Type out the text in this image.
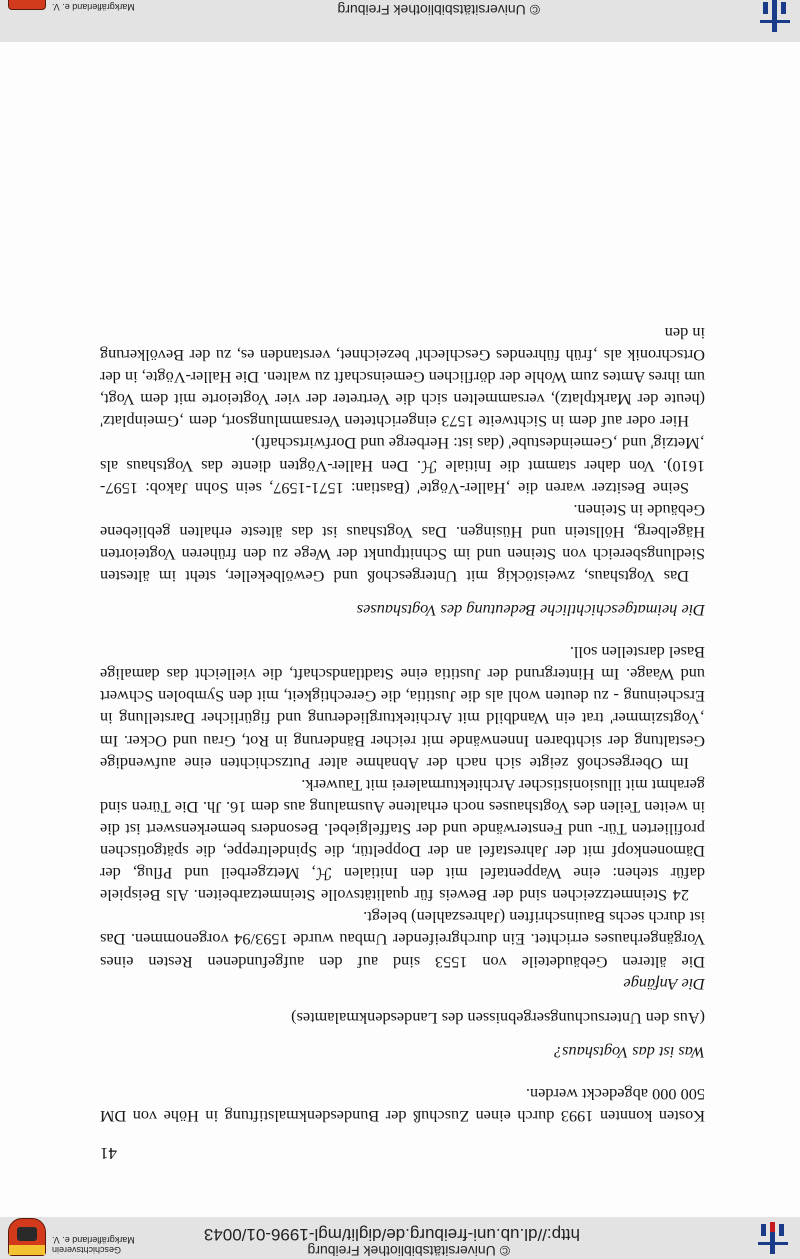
© Universitätsbibliothek Freiburg
http://dl.ub.uni-freiburg.de/diglit/mgl-1996-01/0043
Geschichtsverein
Markgräflerland e. V.
41
© Universitätsbibliothek Freiburg
Markgräflerland e. V.

Kosten konnten 1993 durch einen Zuschuß der Bundesdenkmalstiftung in Höhe von DM 500 000 abgedeckt werden.

Was ist das Vogtshaus?

(Aus den Untersuchungsergebnissen des Landesdenkmalamtes)

Die Anfänge

Die älteren Gebäudeteile von 1553 sind auf den aufgefundenen Resten eines Vorgängerhauses errichtet. Ein durchgreifender Umbau wurde 1593/94 vorgenommen. Das ist durch sechs Bauinschriften (Jahreszahlen) belegt.

24 Steinmetzzeichen sind der Beweis für qualitätsvolle Steinmetzarbeiten. Als Beispiele dafür stehen: eine Wappentafel mit den Initialen ℋ, Metzgerbeil und Pflug, der Dämonenkopf mit der Jahrestafel an der Doppeltür, die Spindeltreppe, die spätgotischen profilierten Tür- und Fensterwände und der Staffelgiebel. Besonders bemerkenswert ist die in weiten Teilen des Vogtshauses noch erhaltene Ausmalung aus dem 16. Jh. Die Türen sind gerahmt mit illusionistischer Architekturmalerei mit Tauwerk.

Im Obergeschoß zeigte sich nach der Abnahme alter Putzschichten eine aufwendige Gestaltung der sichtbaren Innenwände mit reicher Bänderung in Rot, Grau und Ocker. Im ‚Vogtszimmer' trat ein Wandbild mit Architekturgliederung und figürlicher Darstellung in Erscheinung - zu deuten wohl als die Justitia, die Gerechtigkeit, mit den Symbolen Schwert und Waage. Im Hintergrund der Justitia eine Stadtlandschaft, die vielleicht das damalige Basel darstellen soll.

Die heimatgeschichtliche Bedeutung des Vogtshauses

Das Vogtshaus, zweistöckig mit Untergeschoß und Gewölbekeller, steht im ältesten Siedlungsbereich von Steinen und im Schnittpunkt der Wege zu den früheren Vogteiorten Hägelberg, Höllstein und Hüsingen. Das Vogtshaus ist das älteste erhalten gebliebene Gebäude in Steinen.

Seine Besitzer waren die ‚Haller-Vögte' (Bastian: 1571-1597, sein Sohn Jakob: 1597-1610). Von daher stammt die Initiale ℋ. Den Haller-Vögten diente das Vogtshaus als ‚Metzig' und ‚Gemeindestube' (das ist: Herberge und Dorfwirtschaft).

Hier oder auf dem in Sichtweite 1573 eingerichteten Versammlungsort, dem ‚Gmeinplatz' (heute der Marktplatz), versammelten sich die Vertreter der vier Vogteiorte mit dem Vogt, um ihres Amtes zum Wohle der dörflichen Gemeinschaft zu walten. Die Haller-Vögte, in der Ortschronik als ‚früh führendes Geschlecht' bezeichnet, verstanden es, zu der Bevölkerung in den
